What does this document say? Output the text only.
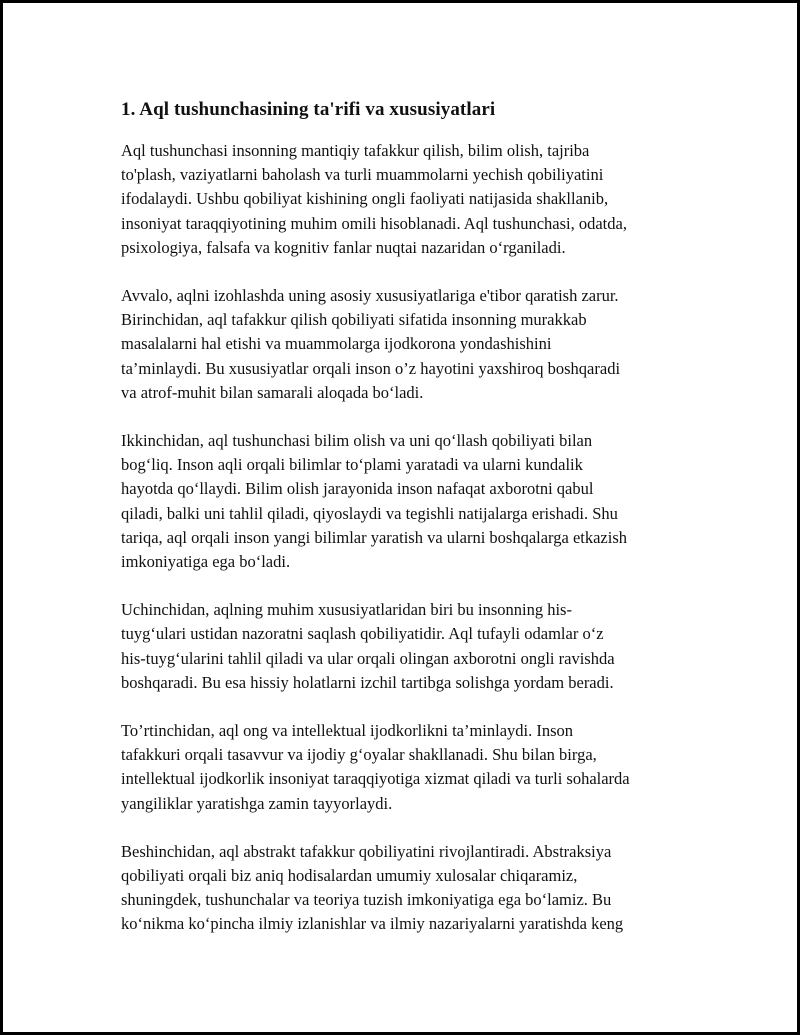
1. Aql tushunchasining ta'rifi va xususiyatlari

Aql tushunchasi insonning mantiqiy tafakkur qilish, bilim olish, tajriba
to'plash, vaziyatlarni baholash va turli muammolarni yechish qobiliyatini
ifodalaydi. Ushbu qobiliyat kishining ongli faoliyati natijasida shakllanib,
insoniyat taraqqiyotining muhim omili hisoblanadi. Aql tushunchasi, odatda,
psixologiya, falsafa va kognitiv fanlar nuqtai nazaridan o‘rganiladi.

Avvalo, aqlni izohlashda uning asosiy xususiyatlariga e'tibor qaratish zarur.
Birinchidan, aql tafakkur qilish qobiliyati sifatida insonning murakkab
masalalarni hal etishi va muammolarga ijodkorona yondashishini
ta’minlaydi. Bu xususiyatlar orqali inson o’z hayotini yaxshiroq boshqaradi
va atrof-muhit bilan samarali aloqada bo‘ladi.

Ikkinchidan, aql tushunchasi bilim olish va uni qo‘llash qobiliyati bilan
bog‘liq. Inson aqli orqali bilimlar to‘plami yaratadi va ularni kundalik
hayotda qo‘llaydi. Bilim olish jarayonida inson nafaqat axborotni qabul
qiladi, balki uni tahlil qiladi, qiyoslaydi va tegishli natijalarga erishadi. Shu
tariqa, aql orqali inson yangi bilimlar yaratish va ularni boshqalarga etkazish
imkoniyatiga ega bo‘ladi.

Uchinchidan, aqlning muhim xususiyatlaridan biri bu insonning his-
tuyg‘ulari ustidan nazoratni saqlash qobiliyatidir. Aql tufayli odamlar o‘z
his-tuyg‘ularini tahlil qiladi va ular orqali olingan axborotni ongli ravishda
boshqaradi. Bu esa hissiy holatlarni izchil tartibga solishga yordam beradi.

To’rtinchidan, aql ong va intellektual ijodkorlikni ta’minlaydi. Inson
tafakkuri orqali tasavvur va ijodiy g‘oyalar shakllanadi. Shu bilan birga,
intellektual ijodkorlik insoniyat taraqqiyotiga xizmat qiladi va turli sohalarda
yangiliklar yaratishga zamin tayyorlaydi.

Beshinchidan, aql abstrakt tafakkur qobiliyatini rivojlantiradi. Abstraksiya
qobiliyati orqali biz aniq hodisalardan umumiy xulosalar chiqaramiz,
shuningdek, tushunchalar va teoriya tuzish imkoniyatiga ega bo‘lamiz. Bu
ko‘nikma ko‘pincha ilmiy izlanishlar va ilmiy nazariyalarni yaratishda keng
